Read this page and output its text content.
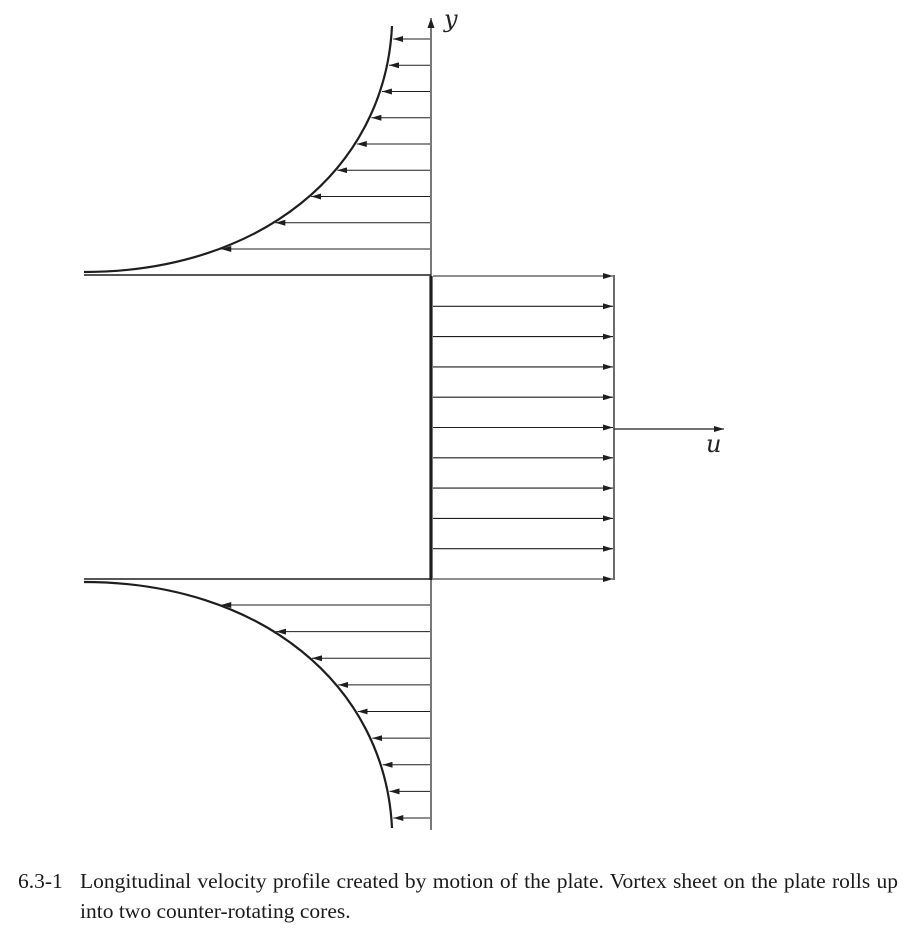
y
u
6.3-1 Longitudinal velocity profile created by motion of the plate. Vortex sheet on the plate rolls up into two counter-rotating cores.
